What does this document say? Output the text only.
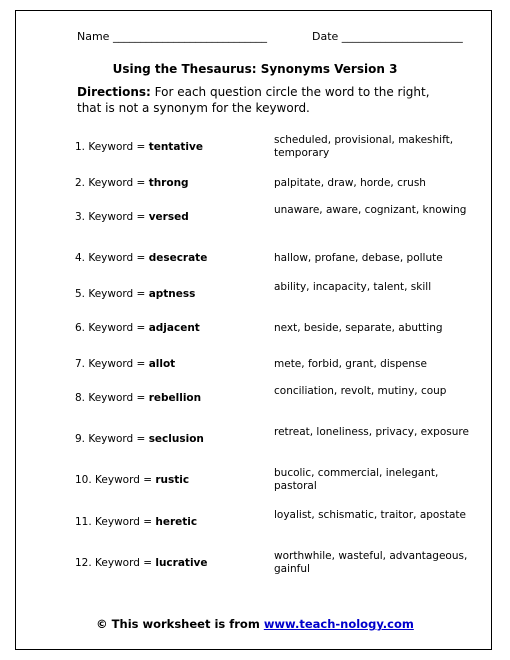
Name ____________________________	Date ______________________
Using the Thesaurus: Synonyms Version 3
Directions: For each question circle the word to the right, that is not a synonym for the keyword.
1. Keyword = tentative
scheduled, provisional, makeshift, temporary
2. Keyword = throng	palpitate, draw, horde, crush
3. Keyword = versed
unaware, aware, cognizant, knowing
4. Keyword = desecrate	hallow, profane, debase, pollute
5. Keyword = aptness
ability, incapacity, talent, skill
6. Keyword = adjacent	next, beside, separate, abutting
7. Keyword = allot	mete, forbid, grant, dispense
8. Keyword = rebellion
conciliation, revolt, mutiny, coup
9. Keyword = seclusion
retreat, loneliness, privacy, exposure
10. Keyword = rustic
bucolic, commercial, inelegant, pastoral
11. Keyword = heretic
loyalist, schismatic, traitor, apostate
12. Keyword = lucrative
worthwhile, wasteful, advantageous, gainful
© This worksheet is from www.teach-nology.com
